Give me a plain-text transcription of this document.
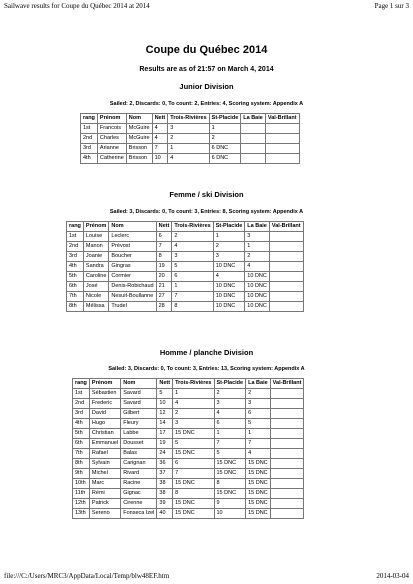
Sailwave results for Coupe du Québec 2014 at 2014	Page 1 sur 3
Coupe du Québec 2014
Results are as of 21:57 on March 4, 2014
Junior Division
Sailed: 2, Discards: 0, To count: 2, Entries: 4, Scoring system: Appendix A
rang	Prénom	Nom	Nett	Trois-Rivières	St-Placide	La Baie	Val-Brillant
1st	Francois	McGuire	4	3	1		
2nd	Charles	McGuire	4	2	2		
3rd	Arianne	Brisson	7	1	6 DNC		
4th	Catherine	Brisson	10	4	6 DNC		
Femme / ski Division
Sailed: 3, Discards: 0, To count: 3, Entries: 8, Scoring system: Appendix A
rang	Prénom	Nom	Nett	Trois-Rivières	St-Placide	La Baie	Val-Brillant
1st	Louise	Leclerc	6	2	1	3	
2nd	Manon	Prévost	7	4	2	1	
3rd	Joanie	Boucher	8	3	3	2	
4th	Sandra	Gingras	19	5	10 DNC	4	
5th	Caroline	Cormier	20	6	4	10 DNC	
6th	José	Denis-Robichaud	21	1	10 DNC	10 DNC	
7th	Nicole	Nesuit-Boullanne	27	7	10 DNC	10 DNC	
8th	Mélissa	Trudel	28	8	10 DNC	10 DNC	
Homme / planche Division
Sailed: 3, Discards: 0, To count: 3, Entries: 13, Scoring system: Appendix A
rang	Prénom	Nom	Nett	Trois-Rivières	St-Placide	La Baie	Val-Brillant
1st	Sébastien	Savard	5	1	2	2	
2nd	Frederic	Savard	10	4	3	3	
3rd	David	Gilbert	12	2	4	6	
4th	Hugo	Fleury	14	3	6	5	
5th	Christian	Labbe	17	15 DNC	1	1	
6th	Emmanuel	Dousset	19	5	7	7	
7th	Rafael	Balas	24	15 DNC	5	4	
8th	Sylvain	Carignan	36	6	15 DNC	15 DNC	
9th	Michel	Rivard	37	7	15 DNC	15 DNC	
10th	Marc	Racine	38	15 DNC	8	15 DNC	
11th	Rémi	Gignac	38	8	15 DNC	15 DNC	
12th	Patrick	Cirenne	39	15 DNC	9	15 DNC	
13th	Sereno	Fonseca Izel	40	15 DNC	10	15 DNC	
file:///C:/Users/MRC3/AppData/Local/Temp/blw48EF.htm	2014-03-04
